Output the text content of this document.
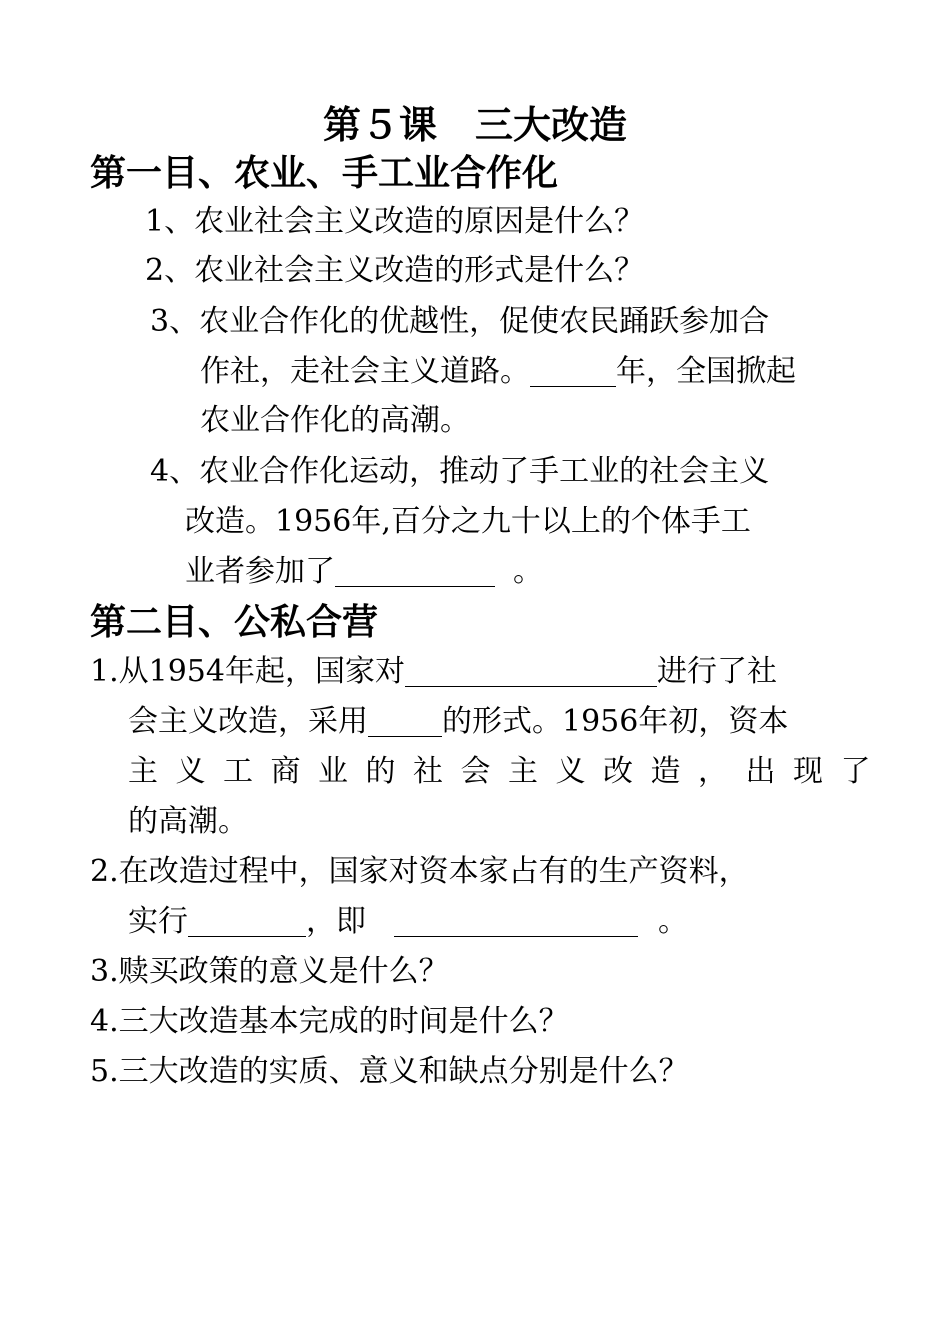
第５课　三大改造
第一目、农业、手工业合作化
1、农业社会主义改造的原因是什么？
2、农业社会主义改造的形式是什么？
3、农业合作化的优越性，促使农民踊跃参加合
作社，走社会主义道路。	年，全国掀起
农业合作化的高潮。
4、农业合作化运动，推动了手工业的社会主义
改造。1956年,百分之九十以上的个体手工
业者参加了	。
第二目、公私合营
1.从1954年起，国家对	进行了社
会主义改造，采用 的形式。1956年初，资本
主义工商业的社会主义改造，出现了
的高潮。
2.在改造过程中，国家对资本家占有的生产资料，
实行	，即	。
3.赎买政策的意义是什么？
4.三大改造基本完成的时间是什么？
5.三大改造的实质、意义和缺点分别是什么？
